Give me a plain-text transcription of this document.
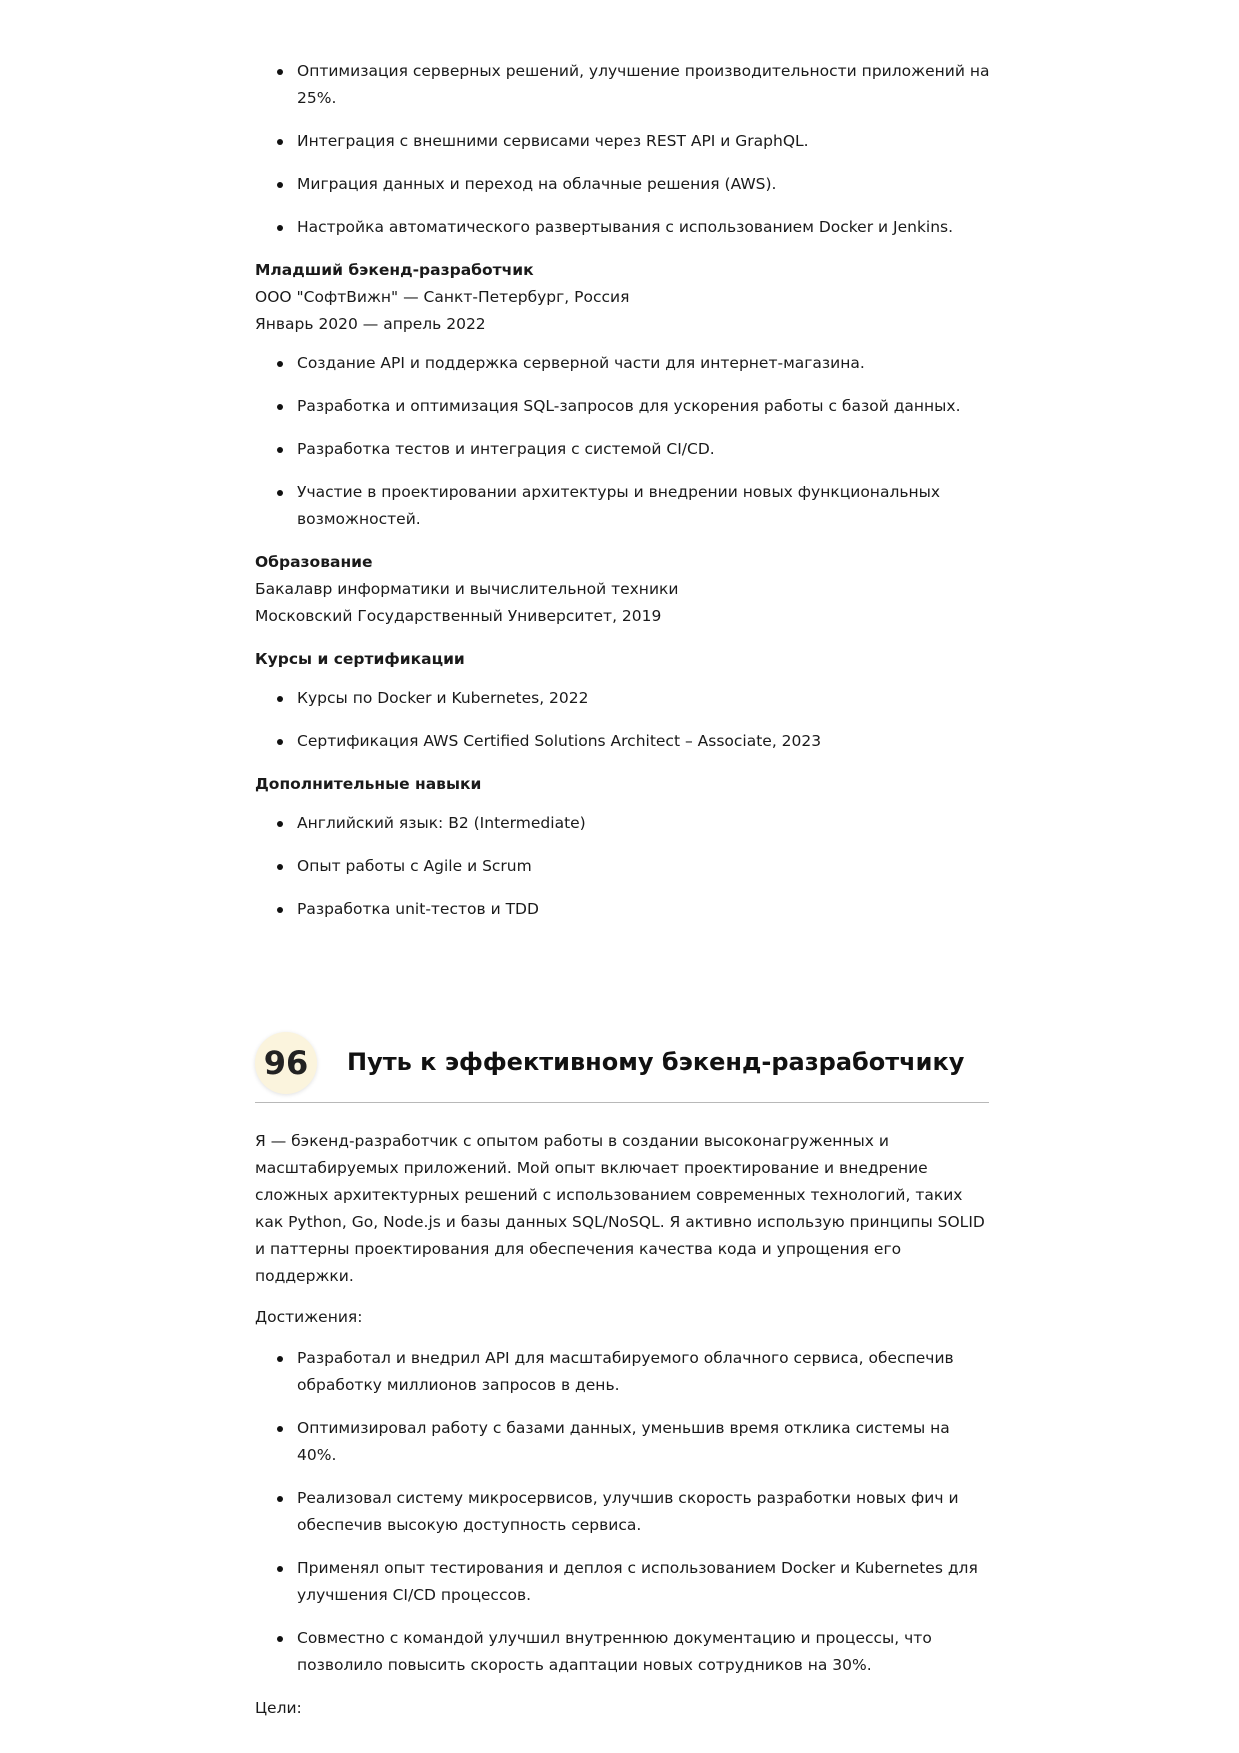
Оптимизация серверных решений, улучшение производительности приложений на 25%.
Интеграция с внешними сервисами через REST API и GraphQL.
Миграция данных и переход на облачные решения (AWS).
Настройка автоматического развертывания с использованием Docker и Jenkins.

Младший бэкенд-разработчик

ООО "СофтВижн" — Санкт-Петербург, Россия

Январь 2020 — апрель 2022

Создание API и поддержка серверной части для интернет-магазина.
Разработка и оптимизация SQL-запросов для ускорения работы с базой данных.
Разработка тестов и интеграция с системой CI/CD.
Участие в проектировании архитектуры и внедрении новых функциональных возможностей.

Образование

Бакалавр информатики и вычислительной техники

Московский Государственный Университет, 2019

Курсы и сертификации

Курсы по Docker и Kubernetes, 2022
Сертификация AWS Certified Solutions Architect – Associate, 2023

Дополнительные навыки

Английский язык: B2 (Intermediate)
Опыт работы с Agile и Scrum
Разработка unit-тестов и TDD
96	Путь к эффективному бэкенд-разработчику

Я — бэкенд-разработчик с опытом работы в создании высоконагруженных и масштабируемых приложений. Мой опыт включает проектирование и внедрение сложных архитектурных решений с использованием современных технологий, таких как Python, Go, Node.js и базы данных SQL/NoSQL. Я активно использую принципы SOLID и паттерны проектирования для обеспечения качества кода и упрощения его поддержки.

Достижения:

Разработал и внедрил API для масштабируемого облачного сервиса, обеспечив обработку миллионов запросов в день.
Оптимизировал работу с базами данных, уменьшив время отклика системы на 40%.
Реализовал систему микросервисов, улучшив скорость разработки новых фич и обеспечив высокую доступность сервиса.
Применял опыт тестирования и деплоя с использованием Docker и Kubernetes для улучшения CI/CD процессов.
Совместно с командой улучшил внутреннюю документацию и процессы, что позволило повысить скорость адаптации новых сотрудников на 30%.

Цели:
